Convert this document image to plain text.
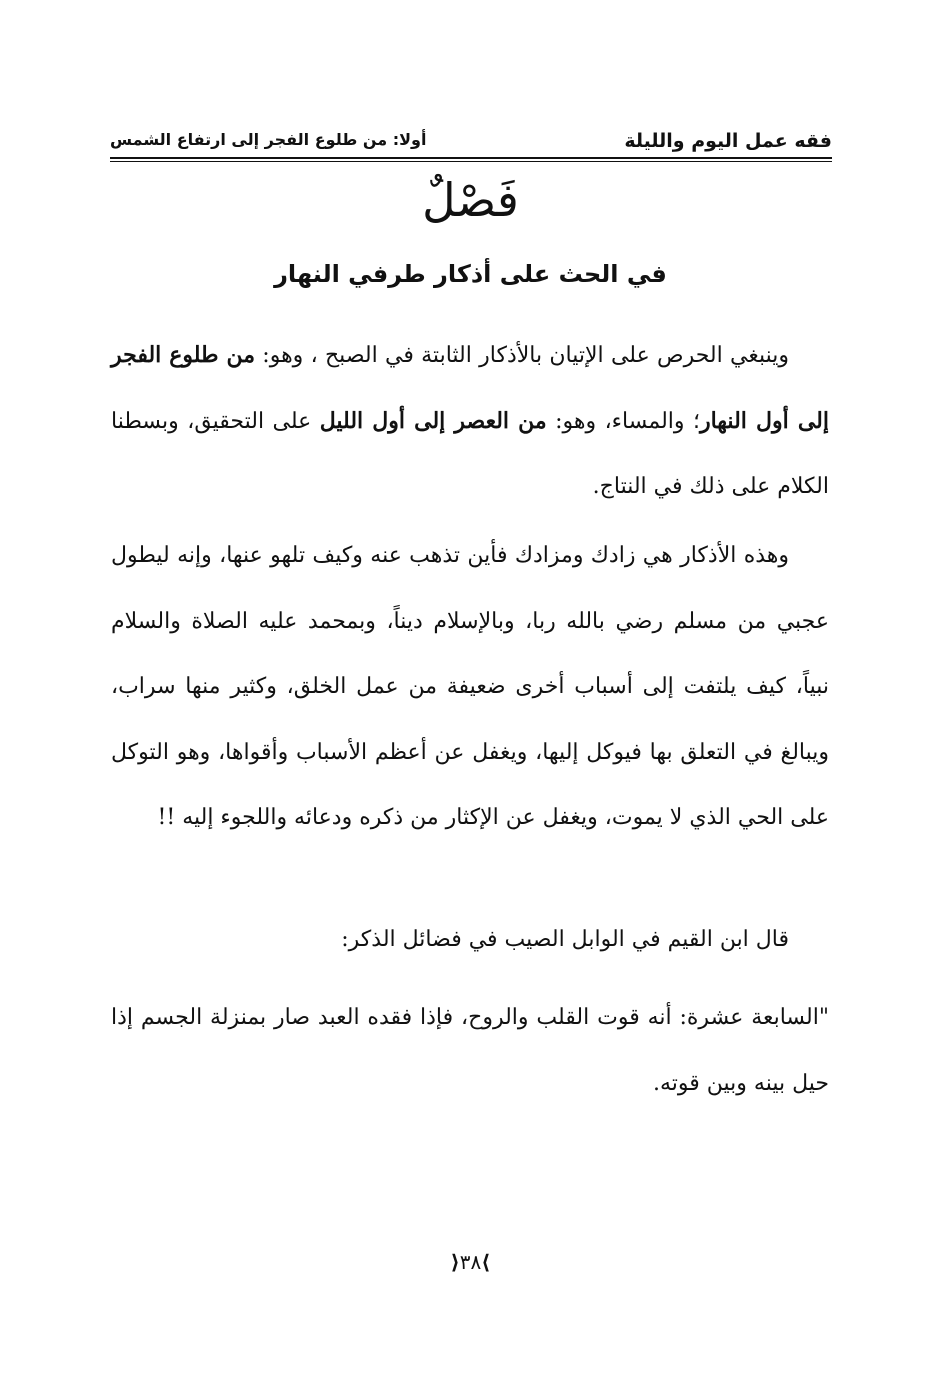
فقه عمل اليوم والليلة
أولا: من طلوع الفجر إلى ارتفاع الشمس
فَصْلٌ
في الحث على أذكار طرفي النهار

وينبغي الحرص على الإتيان بالأذكار الثابتة في الصبح ، وهو: من طلوع الفجر إلى أول النهار؛ والمساء، وهو: من العصر إلى أول الليل على التحقيق، وبسطنا الكلام على ذلك في النتاج.

وهذه الأذكار هي زادك ومزادك فأين تذهب عنه وكيف تلهو عنها، وإنه ليطول عجبي من مسلم رضي بالله ربا، وبالإسلام ديناً، وبمحمد عليه الصلاة والسلام نبياً، كيف يلتفت إلى أسباب أخرى ضعيفة من عمل الخلق، وكثير منها سراب، ويبالغ في التعلق بها فيوكل إليها، ويغفل عن أعظم الأسباب وأقواها، وهو التوكل على الحي الذي لا يموت، ويغفل عن الإكثار من ذكره ودعائه واللجوء إليه !!

قال ابن القيم في الوابل الصيب في فضائل الذكر:

"السابعة عشرة: أنه قوت القلب والروح، فإذا فقده العبد صار بمنزلة الجسم إذا حيل بينه وبين قوته.

⟩٣٨⟨
